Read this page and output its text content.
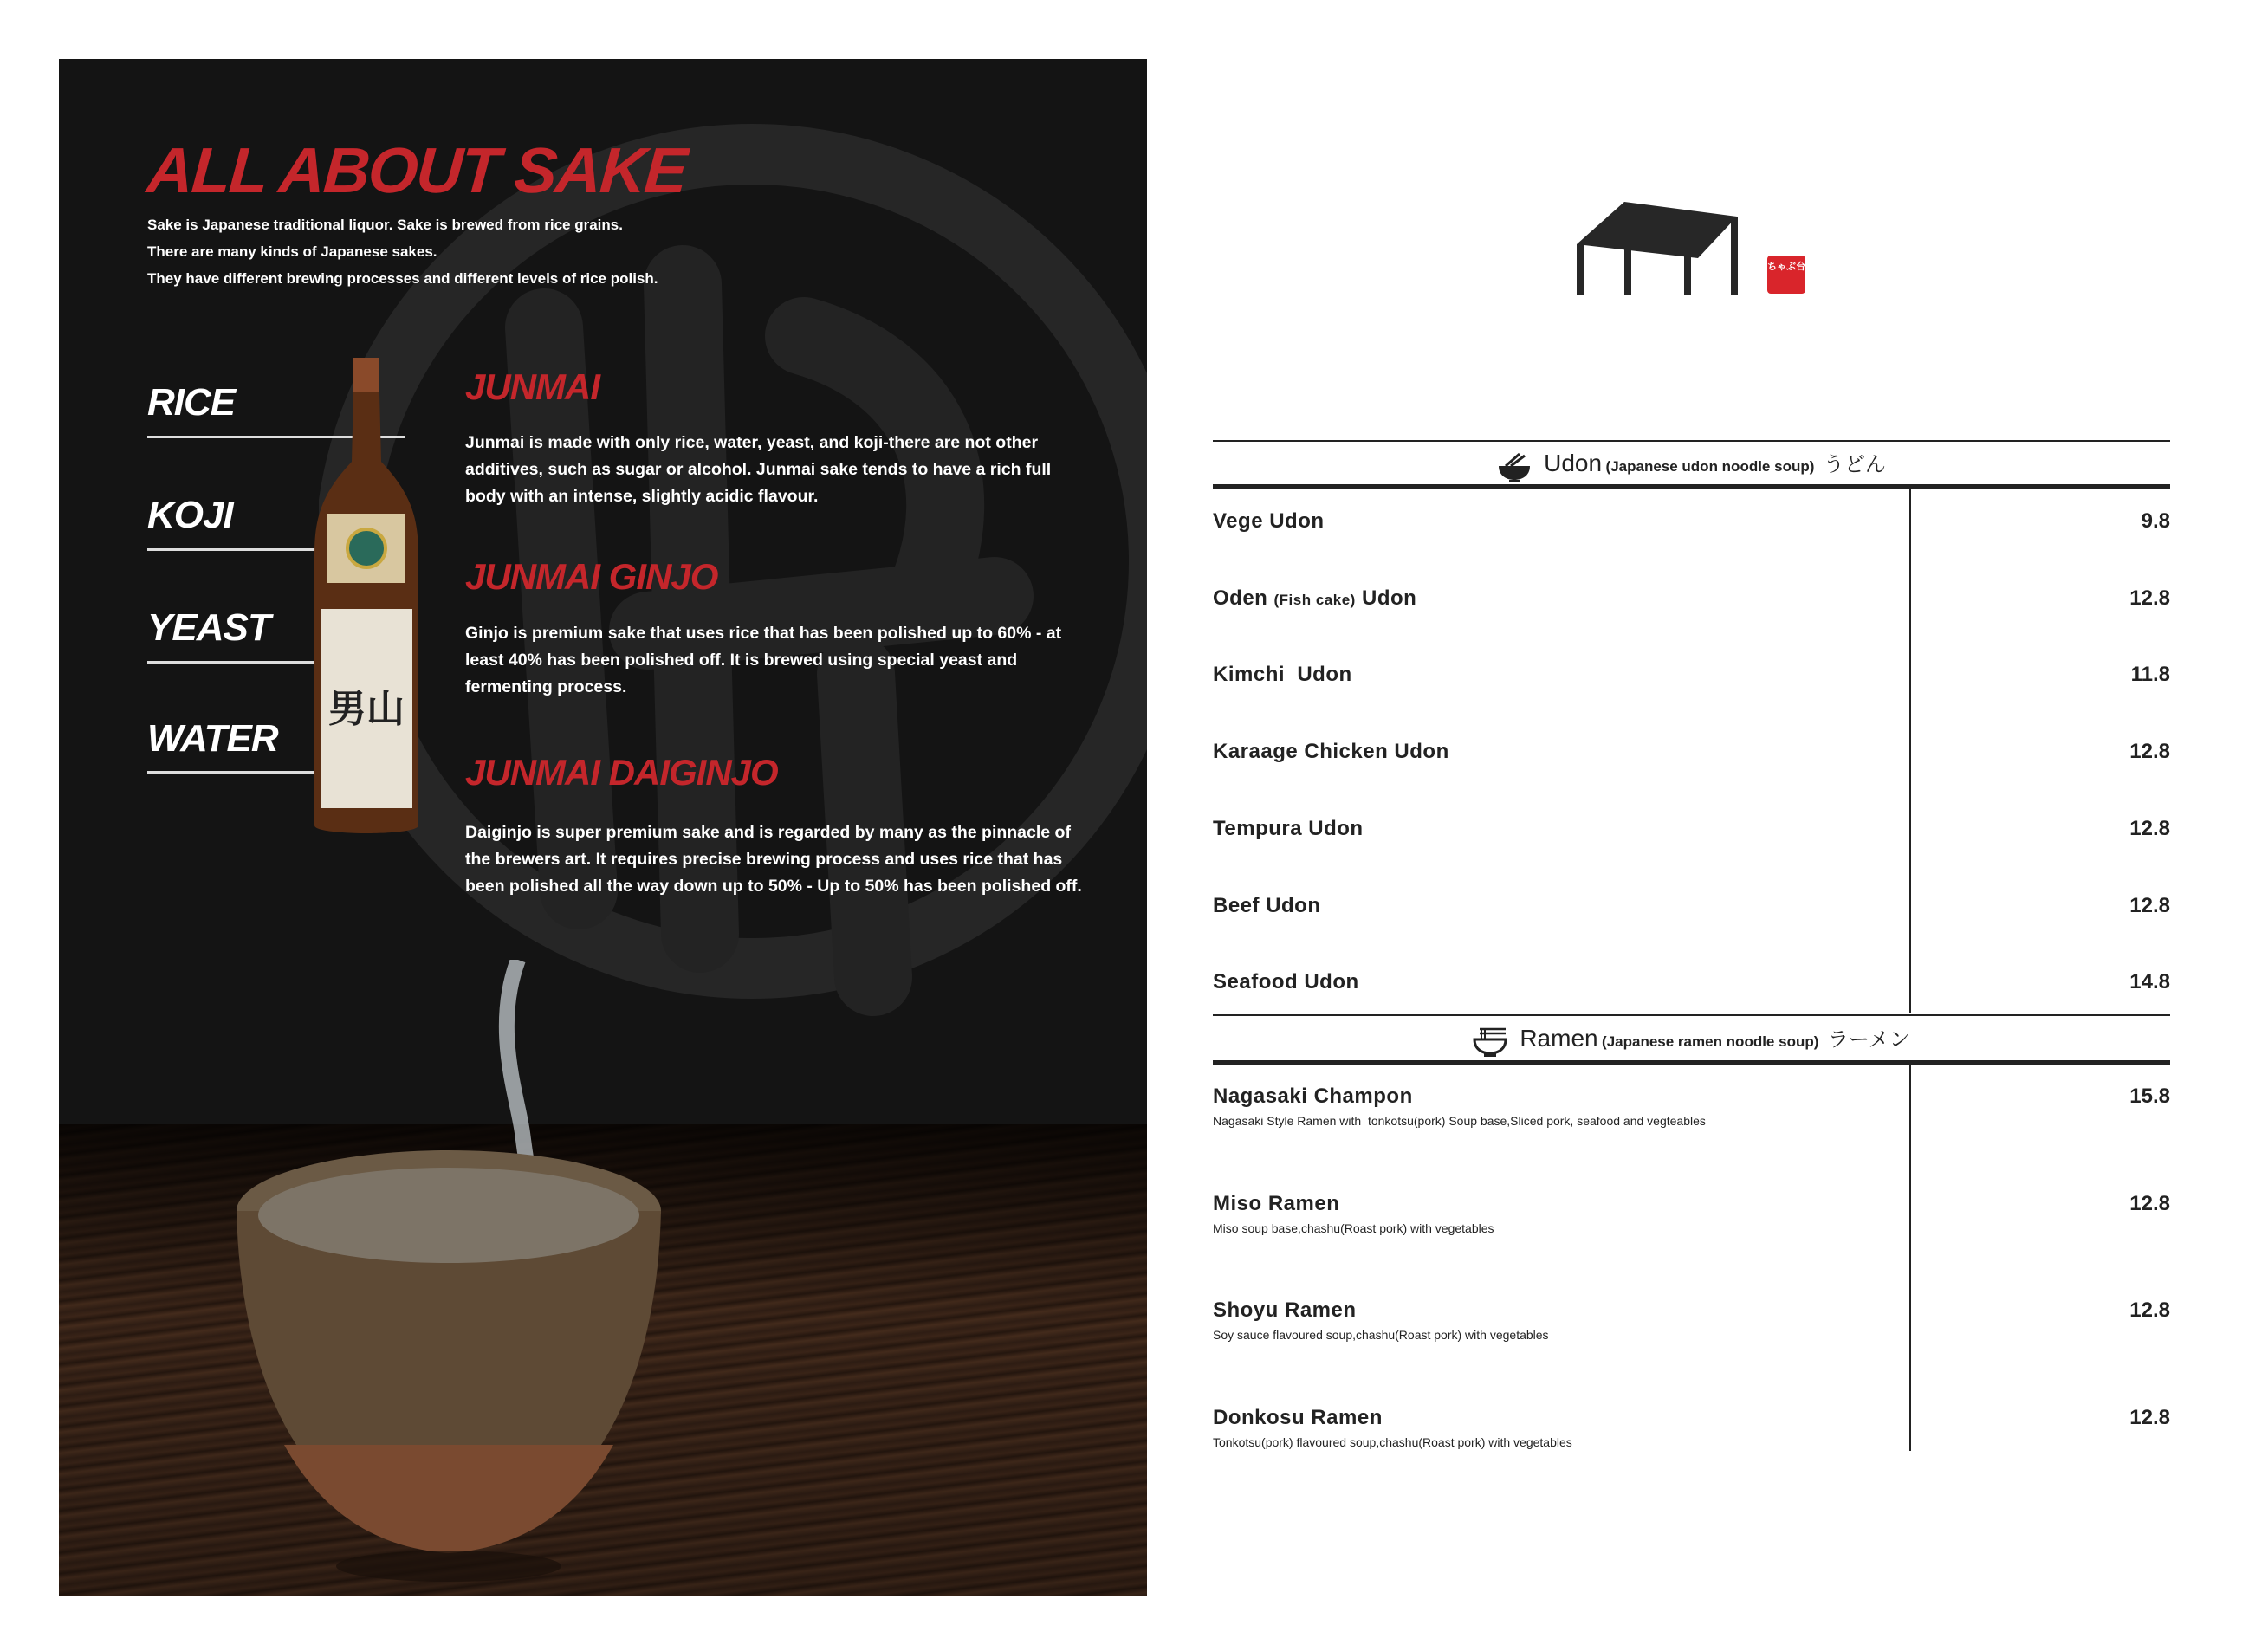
ALL ABOUT SAKE
Sake is Japanese traditional liquor. Sake is brewed from rice grains.
There are many kinds of Japanese sakes.
They have different brewing processes and different levels of rice polish.
RICE
KOJI
YEAST
WATER
男山
JUNMAI

Junmai is made with only rice, water, yeast, and koji-there are not other additives, such as sugar or alcohol. Junmai sake tends to have a rich full body with an intense, slightly acidic flavour.

JUNMAI GINJO

Ginjo is premium sake that uses rice that has been polished up to 60% - at least 40% has been polished off. It is brewed using special yeast and fermenting process.

JUNMAI DAIGINJO

Daiginjo is super premium sake and is regarded by many as the pinnacle of the brewers art. It requires precise brewing process and uses rice that has been polished all the way down up to 50% - Up to 50% has been polished off.

ちゃぶ台
Udon (Japanese udon noodle soup) うどん
Vege Udon	9.8
Oden (Fish cake) Udon	12.8
Kimchi  Udon	11.8
Karaage Chicken Udon	12.8
Tempura Udon	12.8
Beef Udon	12.8
Seafood Udon	14.8
Ramen (Japanese ramen noodle soup) ラーメン
Nagasaki Champon
Nagasaki Style Ramen with  tonkotsu(pork) Soup base,Sliced pork, seafood and vegteables
15.8
Miso Ramen
Miso soup base,chashu(Roast pork) with vegetables
12.8
Shoyu Ramen
Soy sauce flavoured soup,chashu(Roast pork) with vegetables
12.8
Donkosu Ramen
Tonkotsu(pork) flavoured soup,chashu(Roast pork) with vegetables
12.8
